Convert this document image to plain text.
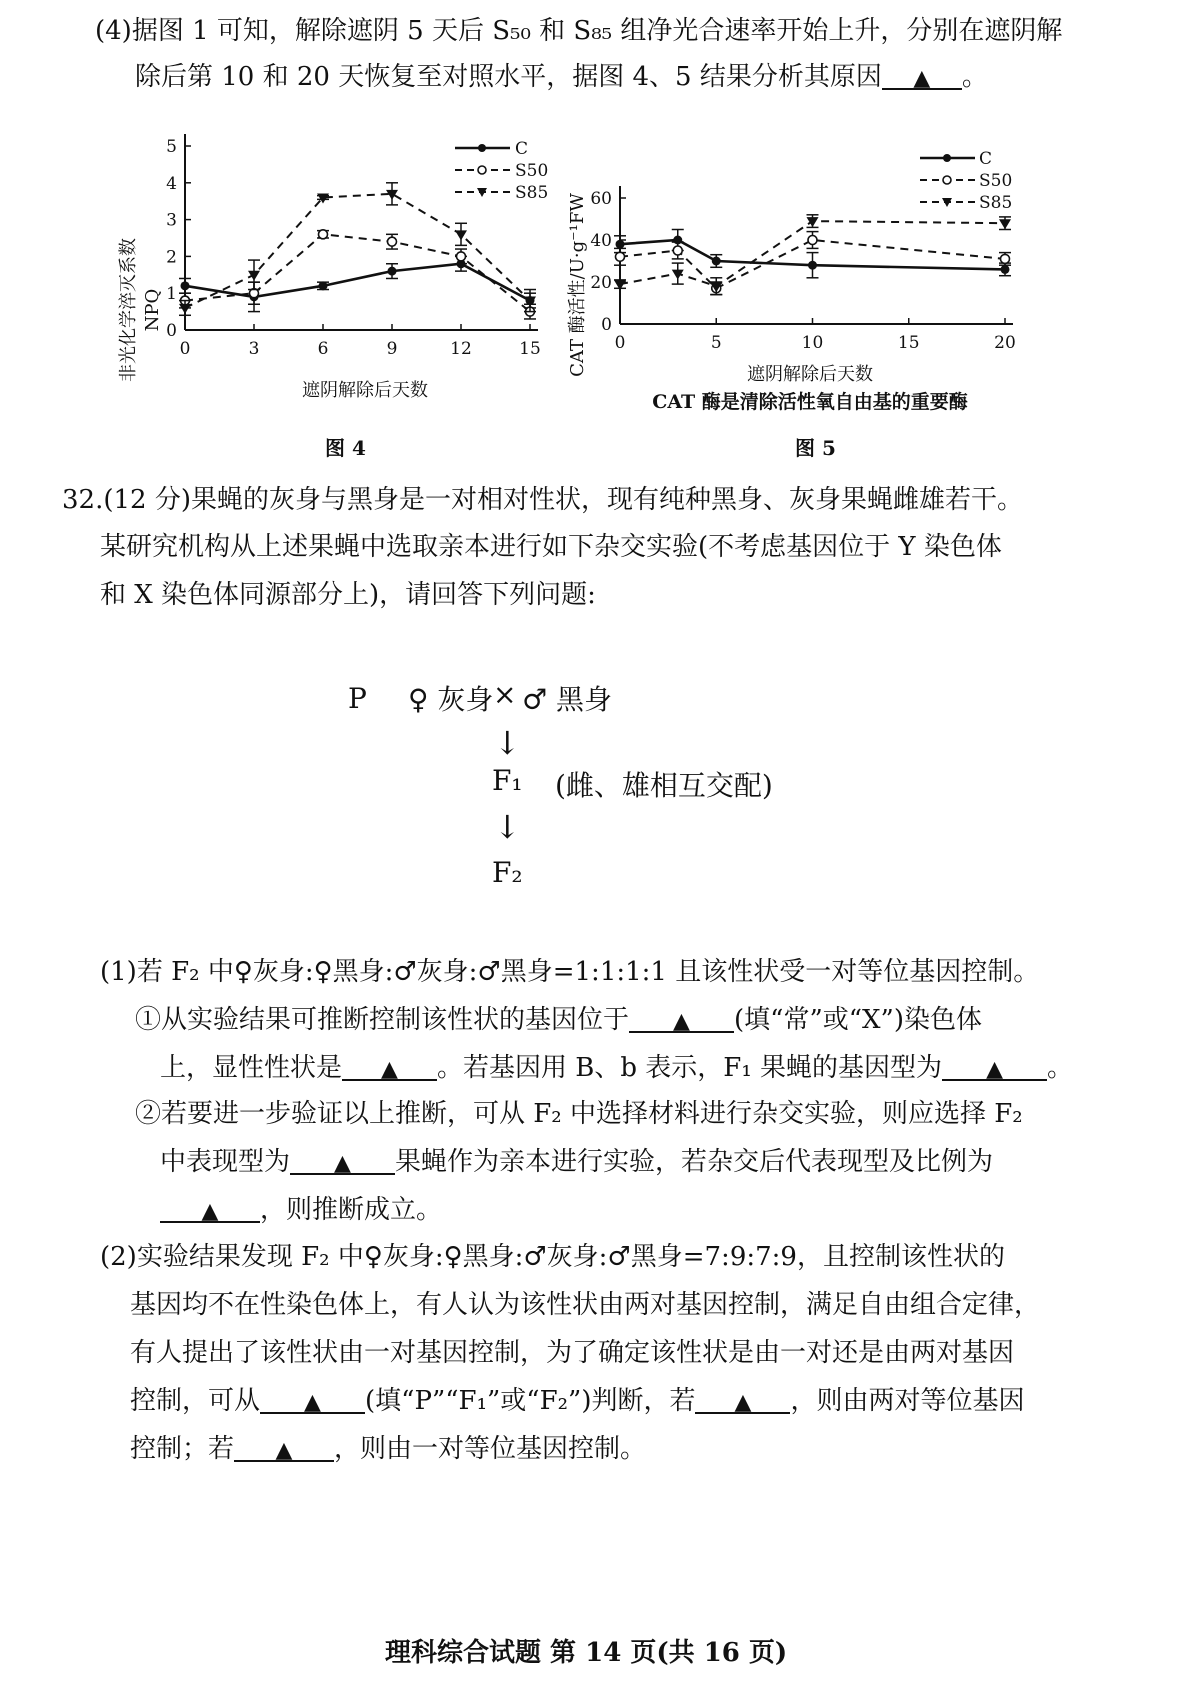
(4)据图 1 可知，解除遮阴 5 天后 S₅₀ 和 S₈₅ 组净光合速率开始上升，分别在遮阴解
除后第 10 和 20 天恢复至对照水平，据图 4、5 结果分析其原因 ▲ 。
非光化学淬灭系数 NPQ
遮阴解除后天数
C
S50
S85
0
1
2
3
4
5
0	3	6	9	12	15
图 4
CAT 酶活性/U·g⁻¹FW	遮阴解除后天数
CAT 酶是清除活性氧自由基的重要酶
C
S50
S85
0
20
40
60
0	5	10	15	20
图 5
32.(12 分)果蝇的灰身与黑身是一对相对性状，现有纯种黑身、灰身果蝇雌雄若干。
某研究机构从上述果蝇中选取亲本进行如下杂交实验(不考虑基因位于 Y 染色体
和 X 染色体同源部分上)，请回答下列问题:
P ♀ 灰身 × ♂ 黑身
↓
F₁ (雌、雄相互交配)
↓
F₂
(1)若 F₂ 中♀灰身:♀黑身:♂灰身:♂黑身=1:1:1:1 且该性状受一对等位基因控制。
①从实验结果可推断控制该性状的基因位于 ▲ (填“常”或“X”)染色体
上，显性性状是 ▲ 。若基因用 B、b 表示，F₁ 果蝇的基因型为 ▲ 。
②若要进一步验证以上推断，可从 F₂ 中选择材料进行杂交实验，则应选择 F₂
中表现型为 ▲ 果蝇作为亲本进行实验，若杂交后代表现型及比例为
▲ ，则推断成立。
(2)实验结果发现 F₂ 中♀灰身:♀黑身:♂灰身:♂黑身=7:9:7:9，且控制该性状的
基因均不在性染色体上，有人认为该性状由两对基因控制，满足自由组合定律，
有人提出了该性状由一对基因控制，为了确定该性状是由一对还是由两对基因
控制，可从 ▲ (填“P”“F₁”或“F₂”)判断，若 ▲ ，则由两对等位基因
控制；若 ▲ ，则由一对等位基因控制。
理科综合试题 第 14 页(共 16 页)
